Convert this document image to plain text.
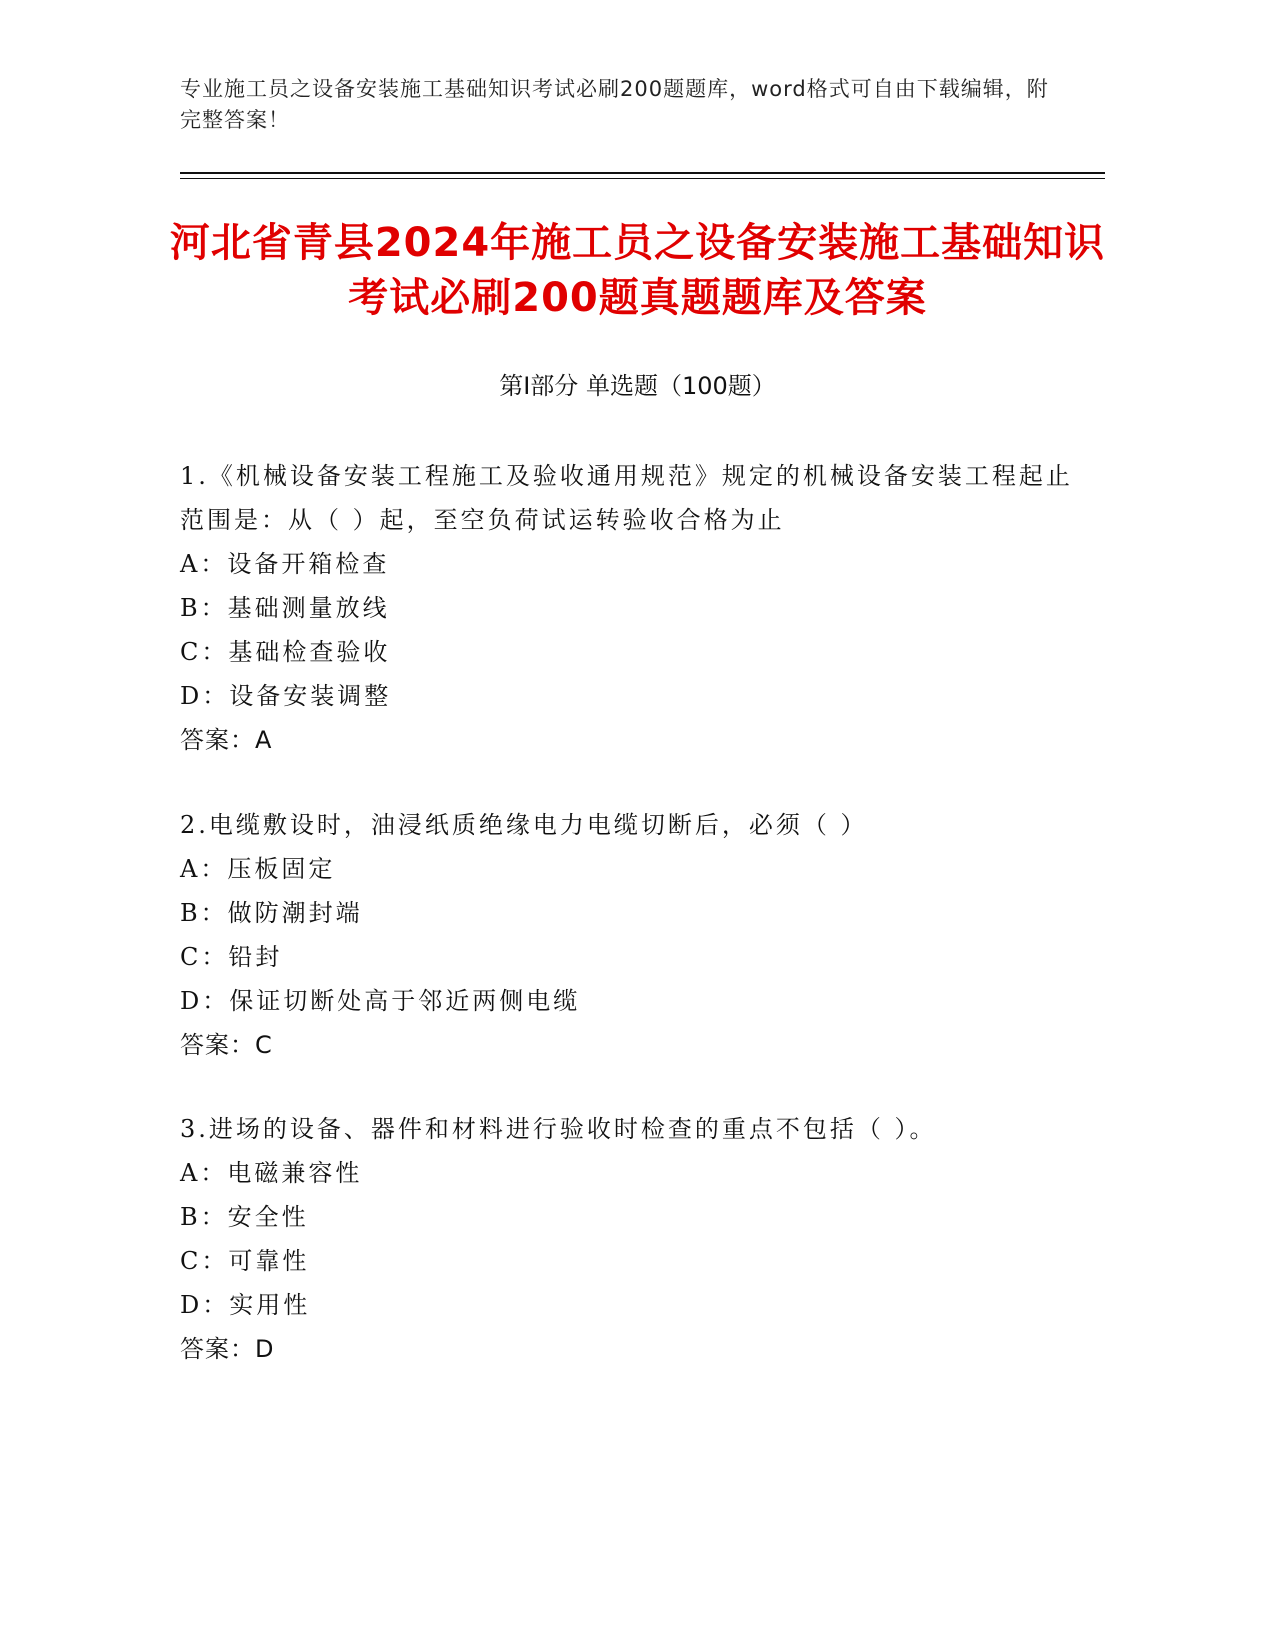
专业施工员之设备安装施工基础知识考试必刷200题题库，word格式可自由下载编辑，附完整答案！
河北省青县2024年施工员之设备安装施工基础知识考试必刷200题真题题库及答案
第Ⅰ部分 单选题（100题）

1.《机械设备安装工程施工及验收通用规范》规定的机械设备安装工程起止范围是：从（ ）起，至空负荷试运转验收合格为止

A：设备开箱检查

B：基础测量放线

C：基础检查验收

D：设备安装调整

答案：A

2.电缆敷设时，油浸纸质绝缘电力电缆切断后，必须（ ）

A：压板固定

B：做防潮封端

C：铅封

D：保证切断处高于邻近两侧电缆

答案：C

3.进场的设备、器件和材料进行验收时检查的重点不包括（ ）。

A：电磁兼容性

B：安全性

C：可靠性

D：实用性

答案：D
